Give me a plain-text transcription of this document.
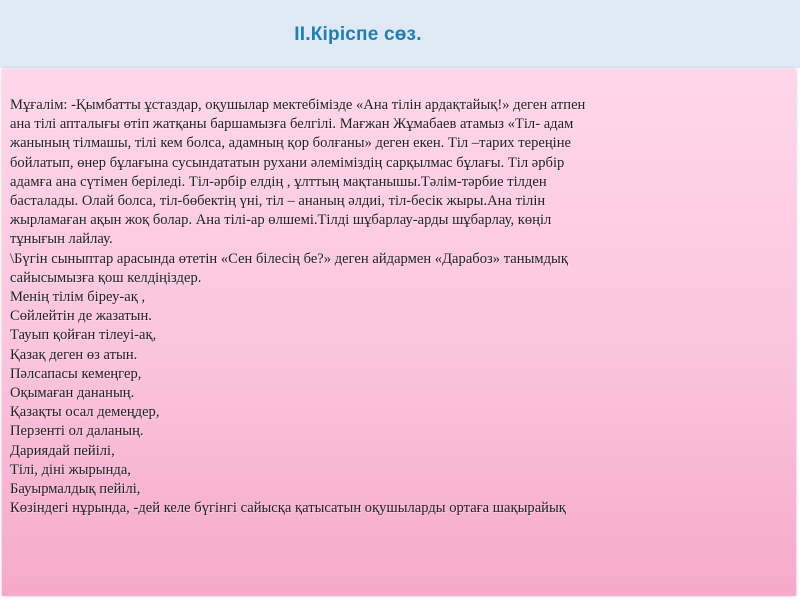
ІІ.Кіріспе сөз.
Мұғалім: -Қымбатты ұстаздар, оқушылар мектебімізде «Ана тілін ардақтайық!» деген атпен
ана тілі апталығы өтіп жатқаны баршамызға белгілі. Мағжан Жұмабаев атамыз «Тіл- адам
жанының тілмашы, тілі кем болса, адамның қор болғаны» деген екен. Тіл –тарих тереңіне
бойлатып, өнер бұлағына сусындататын рухани әлеміміздің сарқылмас бұлағы. Тіл әрбір
адамға ана сүтімен беріледі. Тіл-әрбір елдің , ұлттың мақтанышы.Тәлім-тәрбие тілден
басталады. Олай болса, тіл-бөбектің үні, тіл – ананың әлдиі, тіл-бесік жыры.Ана тілін
жырламаған ақын жоқ болар. Ана тілі-ар өлшемі.Тілді шұбарлау-арды шұбарлау, көңіл
тұнығын лайлау.
\Бүгін сыныптар арасында өтетін «Сен білесің бе?» деген айдармен «Дарабоз» танымдық
сайысымызға қош келдіңіздер.
Менің тілім біреу-ақ ,
Сөйлейтін де жазатын.
Тауып қойған тілеуі-ақ,
Қазақ деген өз атын.
Пәлсапасы кемеңгер,
Оқымаған дананың.
Қазақты осал демеңдер,
Перзенті ол даланың.
Дариядай пейілі,
Тілі, діні жырында,
Бауырмалдық пейілі,
Көзіндегі нұрында, -дей келе бүгінгі сайысқа қатысатын оқушыларды ортаға шақырайық
